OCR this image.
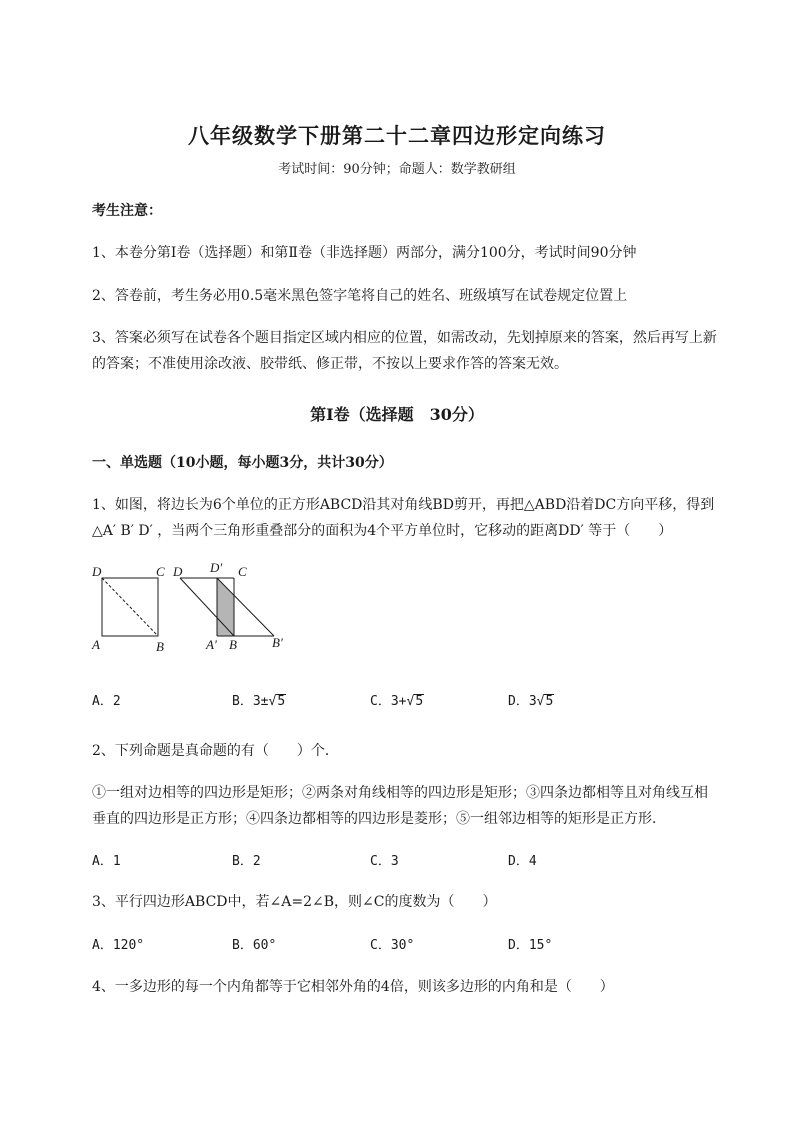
八年级数学下册第二十二章四边形定向练习
考试时间：90分钟；命题人：数学教研组
考生注意：
1、本卷分第Ⅰ卷（选择题）和第Ⅱ卷（非选择题）两部分，满分100分，考试时间90分钟
2、答卷前，考生务必用0.5毫米黑色签字笔将自己的姓名、班级填写在试卷规定位置上
3、答案必须写在试卷各个题目指定区域内相应的位置，如需改动，先划掉原来的答案，然后再写上新
的答案；不准使用涂改液、胶带纸、修正带，不按以上要求作答的答案无效。
第Ⅰ卷（选择题　30分）
一、单选题（10小题，每小题3分，共计30分）
1、如图，将边长为6个单位的正方形ABCD沿其对角线BD剪开，再把△ABD沿着DC方向平移，得到
△A′ B′ D′ ，当两个三角形重叠部分的面积为4个平方单位时，它移动的距离DD′ 等于（　　）
D	C
A	B
D D′ C
A′ B	B′
A．2	B．3±√5	C．3+√5	D．3√5
2、下列命题是真命题的有（　　）个．
①一组对边相等的四边形是矩形；②两条对角线相等的四边形是矩形；③四条边都相等且对角线互相
垂直的四边形是正方形；④四条边都相等的四边形是菱形；⑤一组邻边相等的矩形是正方形．
A．1	B．2	C．3	D．4
3、平行四边形ABCD中，若∠A=2∠B，则∠C的度数为（　　）
A．120°	B．60°	C．30°	D．15°
4、一多边形的每一个内角都等于它相邻外角的4倍，则该多边形的内角和是（　　）
